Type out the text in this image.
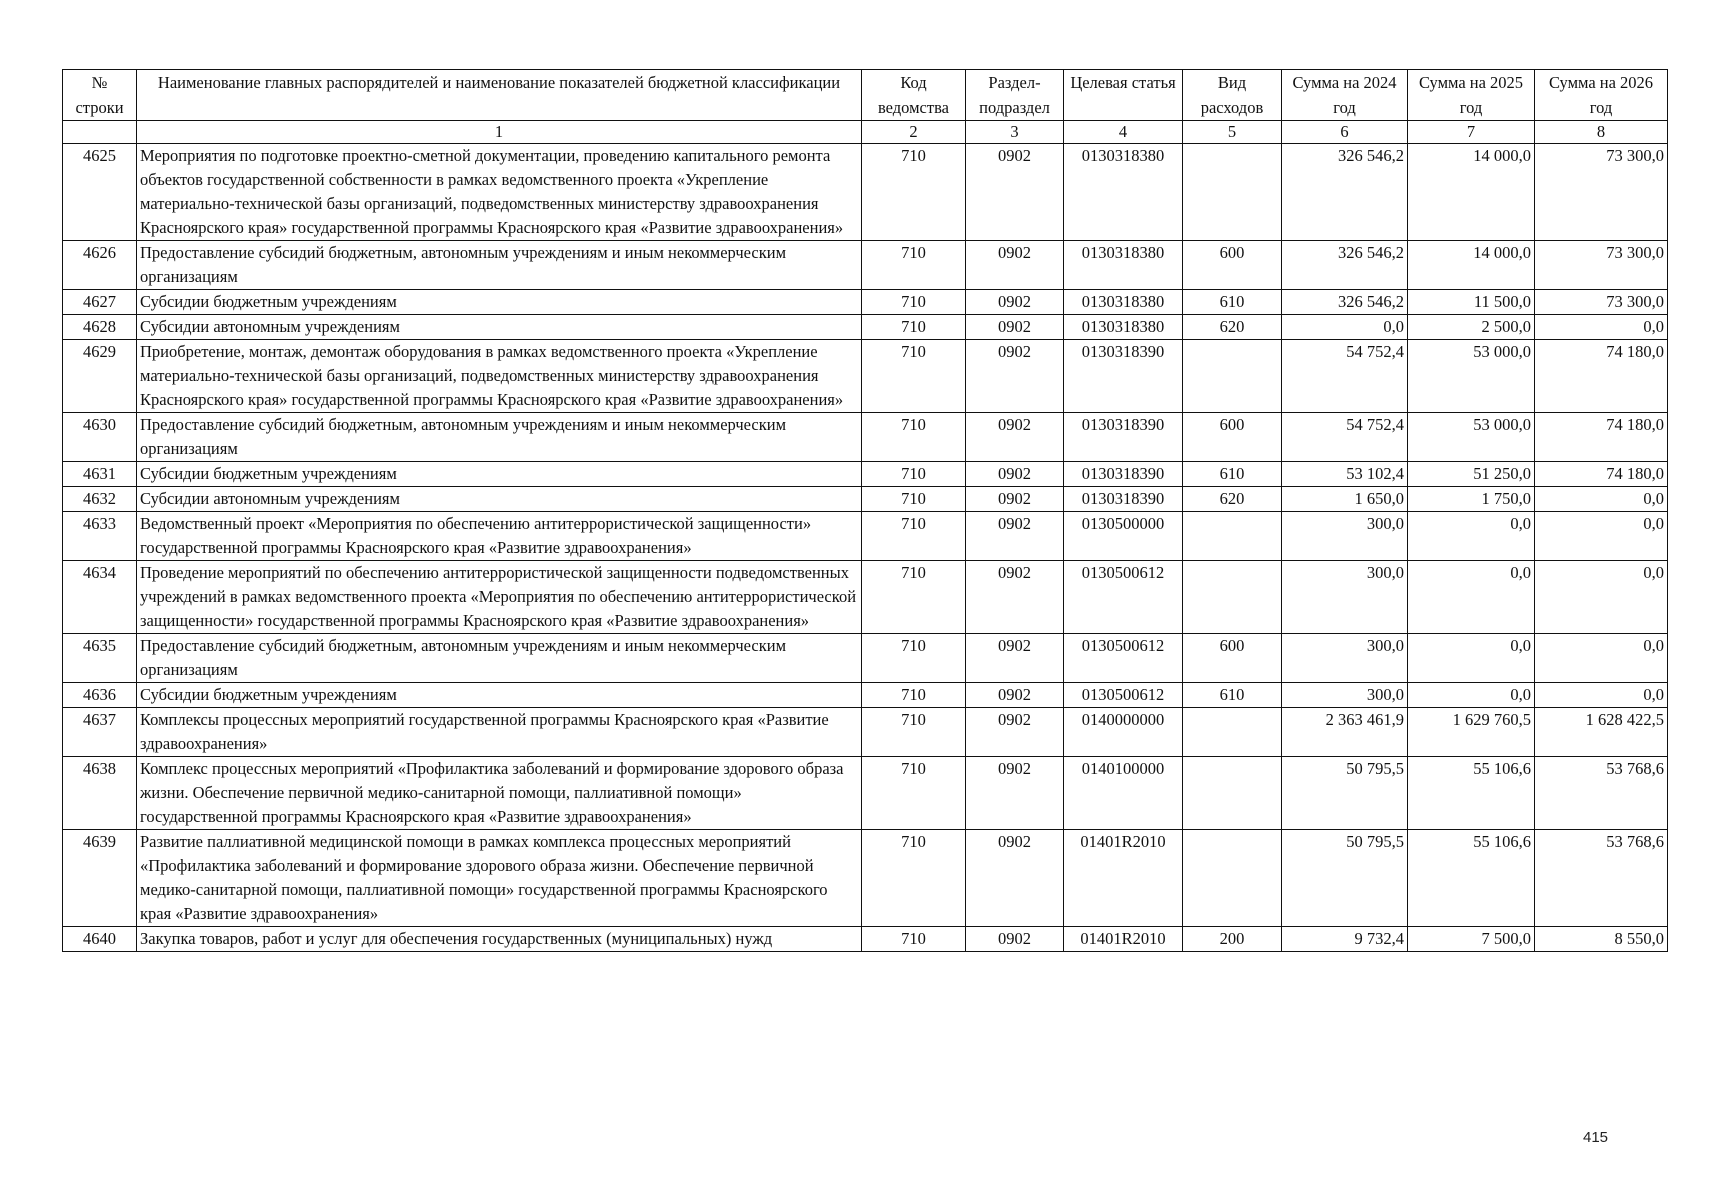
№ строки	Наименование главных распорядителей и наименование показателей бюджетной классификации	Код ведомства	Раздел-подраздел	Целевая статья	Вид расходов	Сумма на 2024 год	Сумма на 2025 год	Сумма на 2026 год
	1	2	3	4	5	6	7	8
4625	Мероприятия по подготовке проектно-сметной документации, проведению капитального ремонта объектов государственной собственности в рамках ведомственного проекта «Укрепление материально-технической базы организаций, подведомственных министерству здравоохранения Красноярского края» государственной программы Красноярского края «Развитие здравоохранения»	710	0902	0130318380		326 546,2	14 000,0	73 300,0
4626	Предоставление субсидий бюджетным, автономным учреждениям и иным некоммерческим организациям	710	0902	0130318380	600	326 546,2	14 000,0	73 300,0
4627	Субсидии бюджетным учреждениям	710	0902	0130318380	610	326 546,2	11 500,0	73 300,0
4628	Субсидии автономным учреждениям	710	0902	0130318380	620	0,0	2 500,0	0,0
4629	Приобретение, монтаж, демонтаж оборудования в рамках ведомственного проекта «Укрепление материально-технической базы организаций, подведомственных министерству здравоохранения Красноярского края» государственной программы Красноярского края «Развитие здравоохранения»	710	0902	0130318390		54 752,4	53 000,0	74 180,0
4630	Предоставление субсидий бюджетным, автономным учреждениям и иным некоммерческим организациям	710	0902	0130318390	600	54 752,4	53 000,0	74 180,0
4631	Субсидии бюджетным учреждениям	710	0902	0130318390	610	53 102,4	51 250,0	74 180,0
4632	Субсидии автономным учреждениям	710	0902	0130318390	620	1 650,0	1 750,0	0,0
4633	Ведомственный проект «Мероприятия по обеспечению антитеррористической защищенности» государственной программы Красноярского края «Развитие здравоохранения»	710	0902	0130500000		300,0	0,0	0,0
4634	Проведение мероприятий по обеспечению антитеррористической защищенности подведомственных учреждений в рамках ведомственного проекта «Мероприятия по обеспечению антитеррористической защищенности» государственной программы Красноярского края «Развитие здравоохранения»	710	0902	0130500612		300,0	0,0	0,0
4635	Предоставление субсидий бюджетным, автономным учреждениям и иным некоммерческим организациям	710	0902	0130500612	600	300,0	0,0	0,0
4636	Субсидии бюджетным учреждениям	710	0902	0130500612	610	300,0	0,0	0,0
4637	Комплексы процессных мероприятий государственной программы Красноярского края «Развитие здравоохранения»	710	0902	0140000000		2 363 461,9	1 629 760,5	1 628 422,5
4638	Комплекс процессных мероприятий «Профилактика заболеваний и формирование здорового образа жизни. Обеспечение первичной медико-санитарной помощи, паллиативной помощи» государственной программы Красноярского края «Развитие здравоохранения»	710	0902	0140100000		50 795,5	55 106,6	53 768,6
4639	Развитие паллиативной медицинской помощи в рамках комплекса процессных мероприятий «Профилактика заболеваний и формирование здорового образа жизни. Обеспечение первичной медико-санитарной помощи, паллиативной помощи» государственной программы Красноярского края «Развитие здравоохранения»	710	0902	01401R2010		50 795,5	55 106,6	53 768,6
4640	Закупка товаров, работ и услуг для обеспечения государственных (муниципальных) нужд	710	0902	01401R2010	200	9 732,4	7 500,0	8 550,0
415
